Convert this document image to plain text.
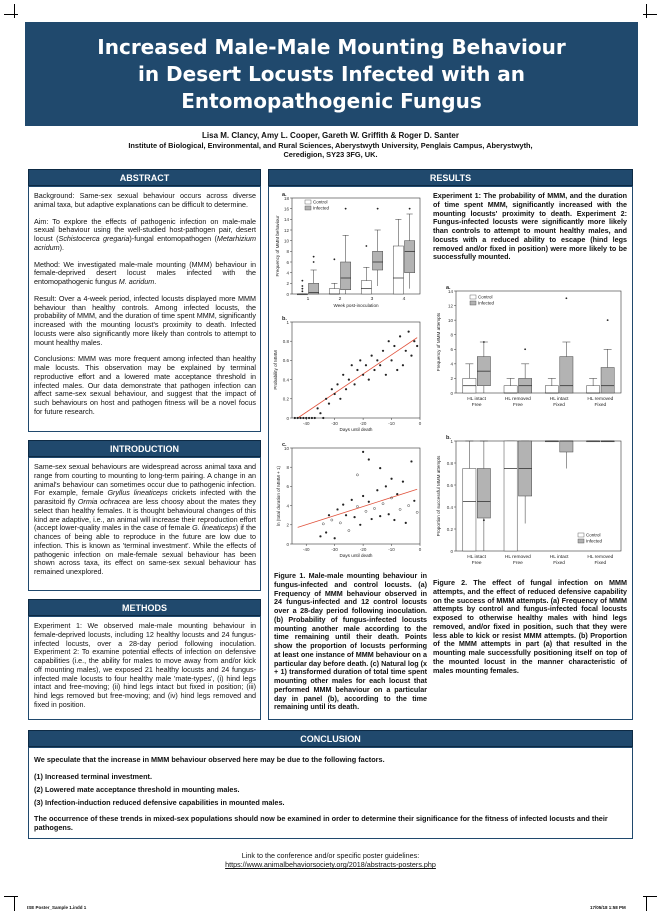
Increased Male-Male Mounting Behaviour
in Desert Locusts Infected with an
Entomopathogenic Fungus
Lisa M. Clancy, Amy L. Cooper, Gareth W. Griffith & Roger D. Santer
Institute of Biological, Environmental, and Rural Sciences, Aberystwyth University, Penglais Campus, Aberystwyth,
Ceredigion, SY23 3FG, UK.
ABSTRACT

Background: Same-sex sexual behaviour occurs across diverse animal taxa, but adaptive explanations can be difficult to determine.

Aim: To explore the effects of pathogenic infection on male-male sexual behaviour using the well-studied host-pathogen pair, desert locust (Schistocerca gregaria)-fungal entomopathogen (Metarhizium acridum).

Method: We investigated male-male mounting (MMM) behaviour in female-deprived desert locust males infected with the entomopathogenic fungus M. acridum.

Result: Over a 4-week period, infected locusts displayed more MMM behaviour than healthy controls. Among infected locusts, the probability of MMM, and the duration of time spent MMM, significantly increased with the mounting locust's proximity to death. Infected locusts were also significantly more likely than controls to attempt to mount healthy males.

Conclusions: MMM was more frequent among infected than healthy male locusts. This observation may be explained by terminal reproductive effort and a lowered mate acceptance threshold in infected males. Our data demonstrate that pathogen infection can affect same-sex sexual behaviour, and suggest that the impact of such behaviours on host and pathogen fitness will be a novel focus for future research.

INTRODUCTION
Same-sex sexual behaviours are widespread across animal taxa and range from courting to mounting to long-term pairing. A change in an animal's behaviour can sometimes occur due to pathogenic infection. For example, female Gryllus lineaticeps crickets infected with the parasitoid fly Ormia ochracea are less choosy about the mates they select than healthy females. It is thought behavioural changes of this kind are adaptive, i.e., an animal will increase their reproduction effort (accept lower-quality males in the case of female G. lineaticeps) if the chances of being able to reproduce in the future are low due to infection. This is known as 'terminal investment'. While the effects of pathogenic infection on male-female sexual behaviour has been shown across taxa, its effect on same-sex sexual behaviour has remained unexplored.
METHODS
Experiment 1: We observed male-male mounting behaviour in female-deprived locusts, including 12 healthy locusts and 24 fungus-infected locusts, over a 28-day period following inoculation. Experiment 2: To examine potential effects of infection on defensive capabilities (i.e., the ability for males to move away from and/or kick off mounting males), we exposed 21 healthy locusts and 24 fungus-infected male locusts to four healthy male 'mate-types', (i) hind legs intact and free-moving; (ii) hind legs intact but fixed in position; (iii) hind legs removed but free-moving; and (iv) hind legs removed and fixed in position.
RESULTS
Experiment 1: The probability of MMM, and the duration of time spent MMM, significantly increased with the mounting locusts' proximity to death. Experiment 2: Fungus-infected locusts were significantly more likely than controls to attempt to mount healthy males, and locusts with a reduced ability to escape (hind legs removed and/or fixed in position) were more likely to be successfully mounted.
0
2
4
6
8
10
12
14
16
18
Frequency of MMM behaviour
a.
1	2	3	4
Week post-inoculation
Control
Infected
0
0.2
0.4
0.6
0.8
1
Probability of MMM
b.
-40	-30	-20	-10	0
Days until death
0
2
4
6
8
10
ln (total duration of MMM + 1)
c.
-40	-30	-20	-10	0
Days until death
0
2
4
6
8
10
12
14
Frequency of MMM attempts
a.
HL intact
Free
HL removed
Free
HL intact
Fixed
HL removed
Fixed
Control
Infected
0
0.2
0.4
0.6
0.8
1
Proportion of successful MMM attempts
b.
HL intact
Free
HL removed
Free
HL intact
Fixed
HL removed
Fixed
Control
Infected
Figure 1. Male-male mounting behaviour in fungus-infected and control locusts. (a) Frequency of MMM behaviour observed in 24 fungus-infected and 12 control locusts over a 28-day period following inoculation. (b) Probability of fungus-infected locusts mounting another male according to the time remaining until their death. Points show the proportion of locusts performing at least one instance of MMM behaviour on a particular day before death. (c) Natural log (x + 1) transformed duration of total time spent mounting other males for each locust that performed MMM behaviour on a particular day in panel (b), according to the time remaining until its death.
Figure 2. The effect of fungal infection on MMM attempts, and the effect of reduced defensive capability on the success of MMM attempts. (a) Frequency of MMM attempts by control and fungus-infected focal locusts exposed to otherwise healthy males with hind legs removed, and/or fixed in position, such that they were less able to kick or resist MMM attempts. (b) Proportion of the MMM attempts in part (a) that resulted in the mounting male successfully positioning itself on top of the mounted locust in the manner characteristic of males mounting females.
CONCLUSION
We speculate that the increase in MMM behaviour observed here may be due to the following factors.
(1) Increased terminal investment.
(2) Lowered mate acceptance threshold in mounting males.
(3) Infection-induction reduced defensive capabilities in mounted males.
The occurrence of these trends in mixed-sex populations should now be examined in order to determine their significance for the fitness of infected locusts and their pathogens.
Link to the conference and/or specific poster guidelines:
https://www.animalbehaviorsociety.org/2018/abstracts-posters.php
ISE Poster_Sample 1.indd 1	17/05/18 1:58 PM
